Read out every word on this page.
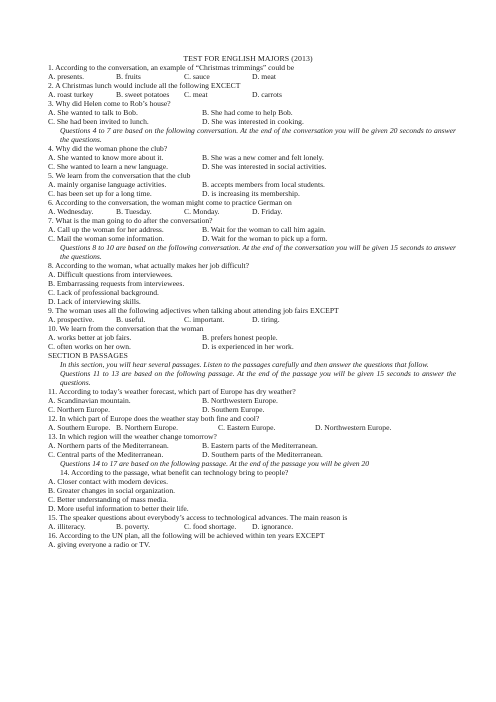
TEST FOR ENGLISH MAJORS (2013)
1. According to the conversation, an example of “Christmas trimmings” could be
A. presents.	B. fruits	C. sauce	D. meat
2. A Christmas lunch would include all the following EXCECT
A. roast turkey	B. sweet potatoes	C. meat	D. carrots
3. Why did Helen come to Rob’s house?
A. She wanted to talk to Bob.	B. She had come to help Bob.
C. She had been invited to lunch.	D. She was interested in cooking.
Questions 4 to 7 are based on the following conversation. At the end of the conversation you will be given 20 seconds to answer the questions.
4. Why did the woman phone the club?
A. She wanted to know more about it.	B. She was a new comer and felt lonely.
C. She wanted to learn a new language.	D. She was interested in social activities.
5. We learn from the conversation that the club
A. mainly organise language activities.	B. accepts members from local students.
C. has been set up for a long time.	D. is increasing its membership.
6. According to the conversation, the woman might come to practice German on
A. Wednesday.	B. Tuesday.	C. Monday.	D. Friday.
7. What is the man going to do after the conversation?
A. Call up the woman for her address.	B. Wait for the woman to call him again.
C. Mail the woman some information.	D. Wait for the woman to pick up a form.
Questions 8 to 10 are based on the following conversation. At the end of the conversation you will be given 15 seconds to answer the questions.
8. According to the woman, what actually makes her job difficult?
A. Difficult questions from interviewees.
B. Embarrassing requests from interviewees.
C. Lack of professional background.
D. Lack of interviewing skills.
9. The woman uses all the following adjectives when talking about attending job fairs EXCEPT
A. prospective.	B. useful.	C. important.	D. tiring.
10. We learn from the conversation that the woman
A. works better at job fairs.	B. prefers honest people.
C. often works on her own.	D. is experienced in her work.
SECTION B PASSAGES
In this section, you will hear several passages. Listen to the passages carefully and then answer the questions that follow.
Questions 11 to 13 are based on the following passage. At the end of the passage you will be given 15 seconds to answer the questions.
11. According to today’s weather forecast, which part of Europe has dry weather?
A. Scandinavian mountain.	B. Northwestern Europe.
C. Northern Europe.	D. Southern Europe.
12. In which part of Europe does the weather stay both fine and cool?
A. Southern Europe. B. Northern Europe.	C. Eastern Europe.	D. Northwestern Europe.
13. In which region will the weather change tomorrow?
A. Northern parts of the Mediterranean.	B. Eastern parts of the Mediterranean.
C. Central parts of the Mediterranean.	D. Southern parts of the Mediterranean.
Questions 14 to 17 are based on the following passage. At the end of the passage you will be given 20
14. According to the passage, what benefit can technology bring to people?
A. Closer contact with modern devices.
B. Greater changes in social organization.
C. Better understanding of mass media.
D. More useful information to better their life.
15. The speaker questions about everybody’s access to technological advances. The main reason is
A. illiteracy.	B. poverty.	C. food shortage.	D. ignorance.
16. According to the UN plan, all the following will be achieved within ten years EXCEPT
A. giving everyone a radio or TV.
